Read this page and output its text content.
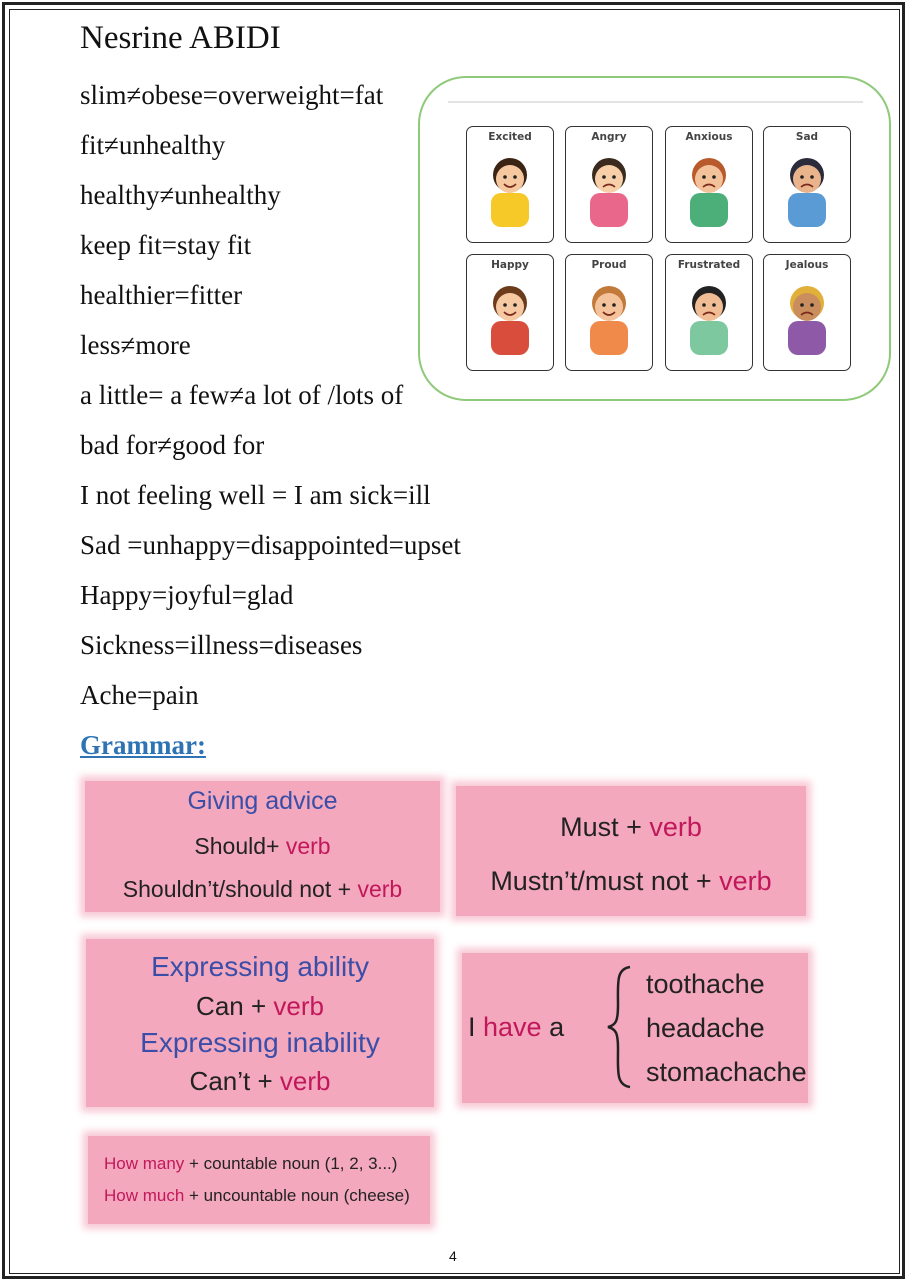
Nesrine ABIDI
slim≠obese=overweight=fat
fit≠unhealthy
healthy≠unhealthy
keep fit=stay fit
healthier=fitter
less≠more
Excited	Angry	Anxious	Sad
Happy	Proud	Frustrated	Jealous
a little= a few≠a lot of /lots of
bad for≠good for
I not feeling well = I am sick=ill
Sad =unhappy=disappointed=upset
Happy=joyful=glad
Sickness=illness=diseases
Ache=pain
Grammar:
Giving advice
Should+ verb
Shouldn’t/should not + verb
Must + verb
Mustn’t/must not + verb
Expressing ability
Can + verb
Expressing inability
Can’t + verb
I have a
toothache
headache
stomachache
How many + countable noun (1, 2, 3...)
How much + uncountable noun (cheese)
4
